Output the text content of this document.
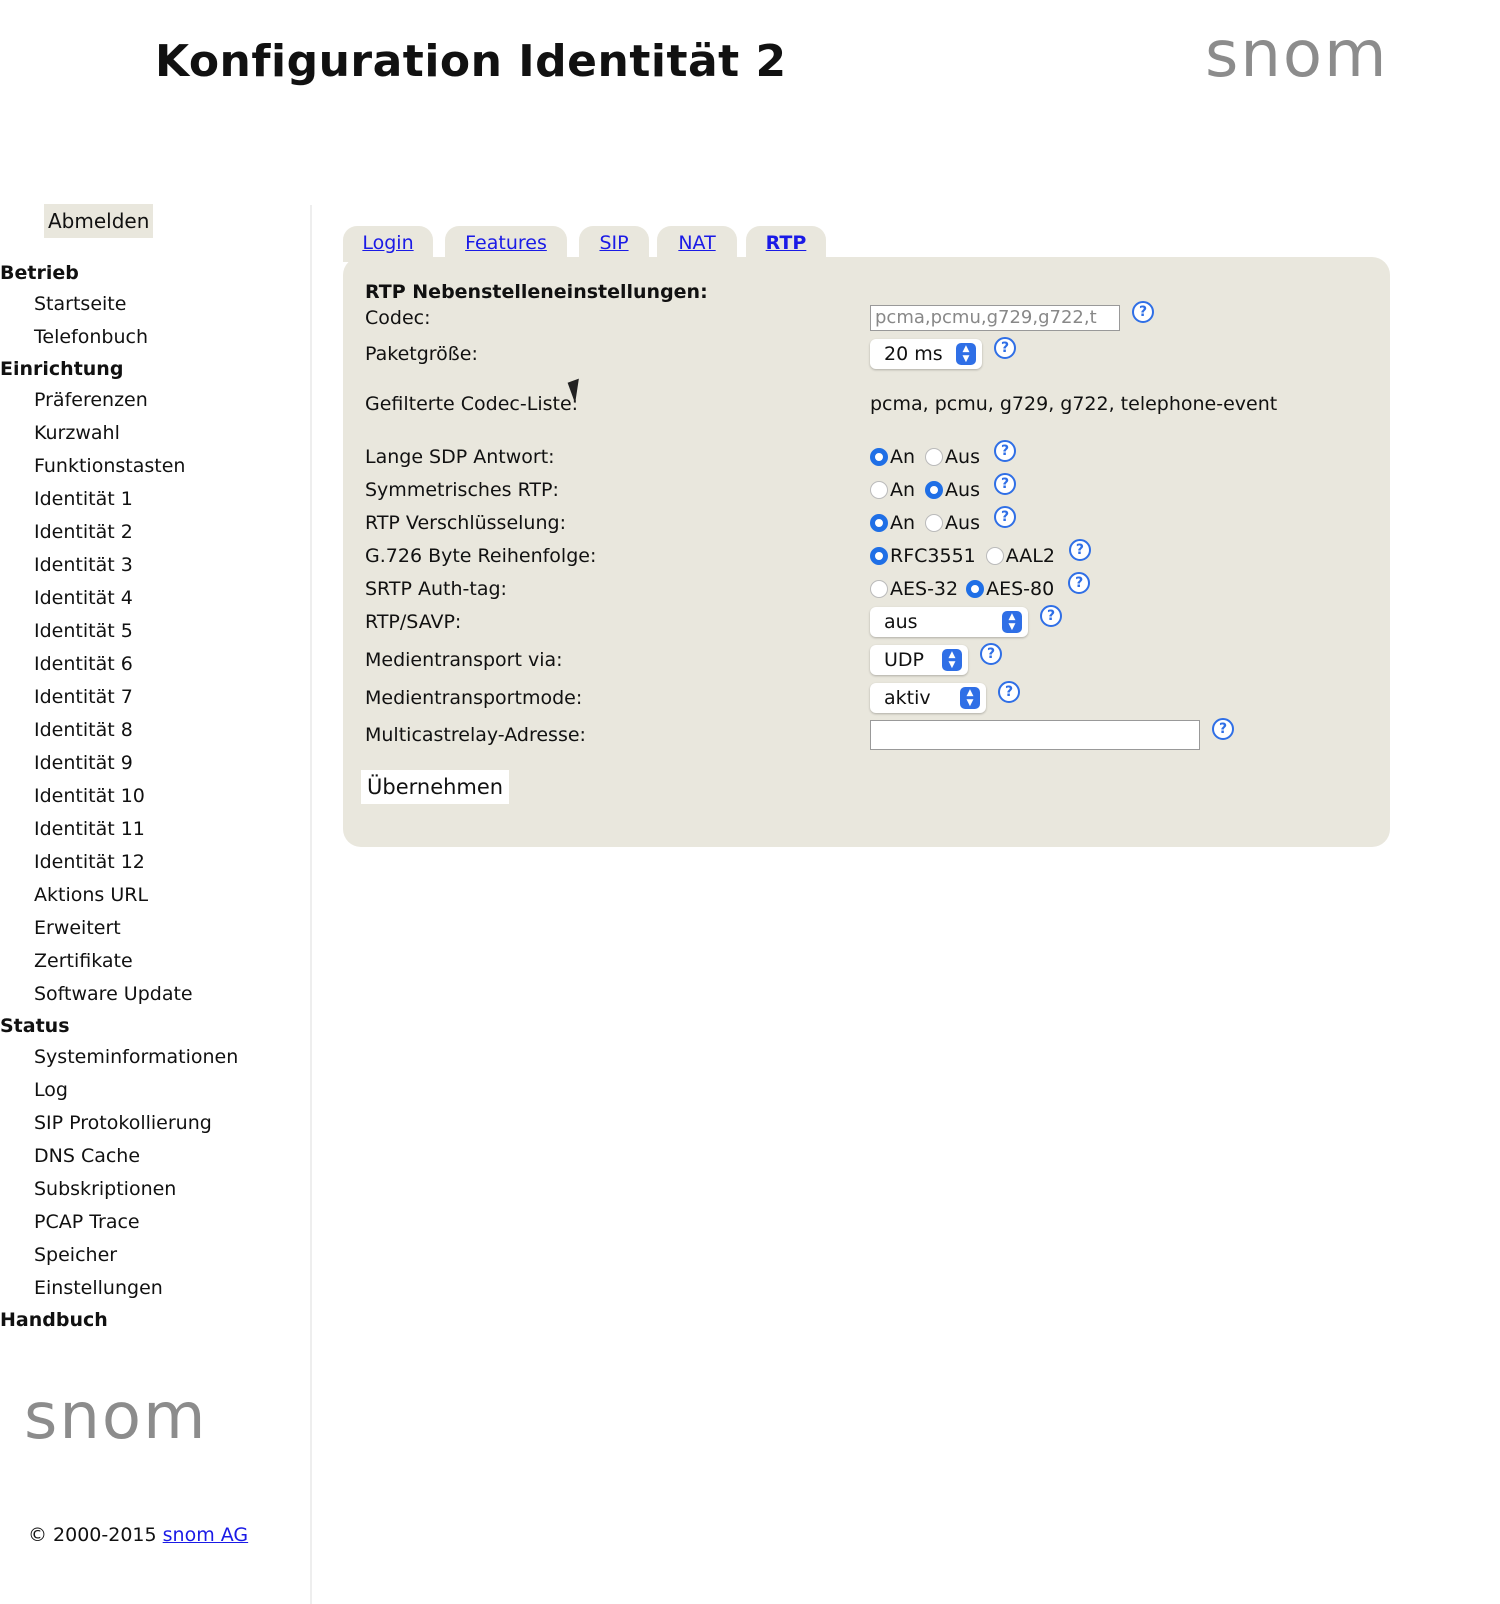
Konfiguration Identität 2	snom
Abmelden
Betrieb
Startseite
Telefonbuch
Einrichtung
Präferenzen
Kurzwahl
Funktionstasten
Identität 1
Identität 2
Identität 3
Identität 4
Identität 5
Identität 6
Identität 7
Identität 8
Identität 9
Identität 10
Identität 11
Identität 12
Aktions URL
Erweitert
Zertifikate
Software Update
Status
Systeminformationen
Log
SIP Protokollierung
DNS Cache
Subskriptionen
PCAP Trace
Speicher
Einstellungen
Handbuch
snom
© 2000-2015 snom AG
Login	Features	SIP	NAT	RTP
RTP Nebenstelleneinstellungen:
Codec:	pcma,pcmu,g729,g722,t	?
Paketgröße:	20 ms ▲
▼
?
Gefilterte Codec-Liste:	pcma, pcmu, g729, g722, telephone-event
Lange SDP Antwort:	An Aus	?
Symmetrisches RTP:	An Aus	?
RTP Verschlüsselung:	An Aus	?
G.726 Byte Reihenfolge:	RFC3551 AAL2	?
SRTP Auth-tag:	AES-32 AES-80	?
RTP/SAVP:	aus	▲
▼
?
Medientransport via:	UDP	▲
▼
?
Medientransportmode:	aktiv	▲
▼
?
Multicastrelay-Adresse:	?
Übernehmen
